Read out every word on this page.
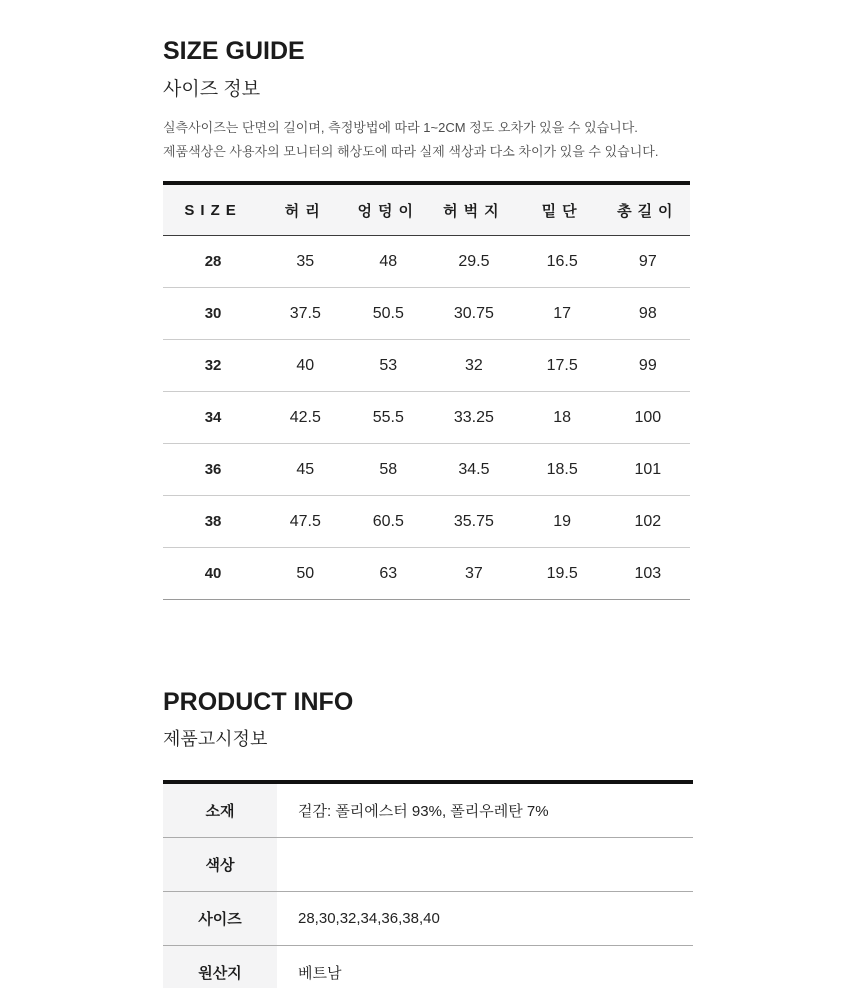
SIZE GUIDE
사이즈 정보

실측사이즈는 단면의 길이며, 측정방법에 따라 1~2CM 정도 오차가 있을 수 있습니다.

제품색상은 사용자의 모니터의 해상도에 따라 실제 색상과 다소 차이가 있을 수 있습니다.

SIZE	허리	엉덩이	허벅지	밑단	총길이
28	35	48	29.5	16.5	97
30	37.5	50.5	30.75	17	98
32	40	53	32	17.5	99
34	42.5	55.5	33.25	18	100
36	45	58	34.5	18.5	101
38	47.5	60.5	35.75	19	102
40	50	63	37	19.5	103
PRODUCT INFO
제품고시정보
소재	겉감: 폴리에스터 93%, 폴리우레탄 7%
색상	
사이즈	28,30,32,34,36,38,40
원산지	베트남
